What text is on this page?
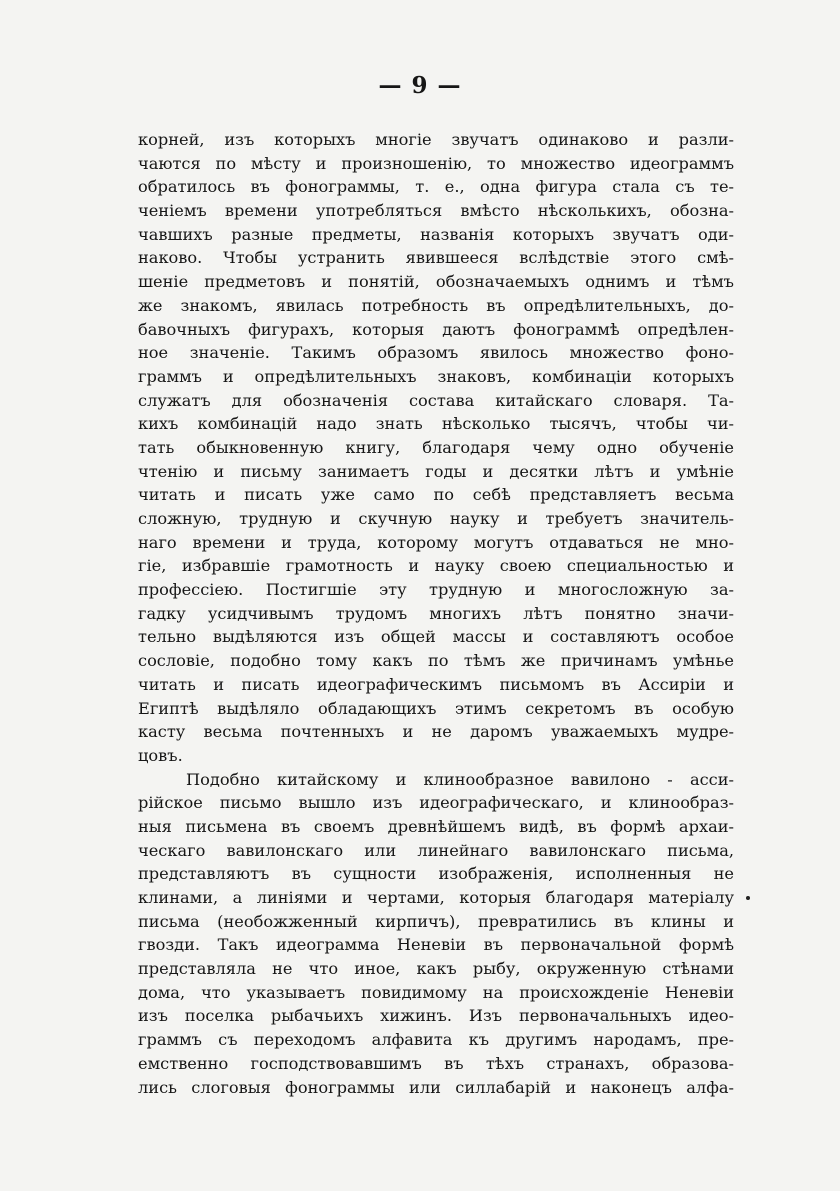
— 9 —
корней, изъ которыхъ многіе звучатъ одинаково и разли-
чаются по мѣсту и произношенію, то множество идеограммъ
обратилось въ фонограммы, т. е., одна фигура стала съ те-
ченіемъ времени употребляться вмѣсто нѣсколькихъ, обозна-
чавшихъ разные предметы, названія которыхъ звучатъ оди-
наково. Чтобы устранить явившееся вслѣдствіе этого смѣ-
шеніе предметовъ и понятій, обозначаемыхъ однимъ и тѣмъ
же знакомъ, явилась потребность въ опредѣлительныхъ, до-
бавочныхъ фигурахъ, которыя даютъ фонограммѣ опредѣлен-
ное значеніе. Такимъ образомъ явилось множество фоно-
граммъ и опредѣлительныхъ знаковъ, комбинаціи которыхъ
служатъ для обозначенія состава китайскаго словаря. Та-
кихъ комбинацій надо знать нѣсколько тысячъ, чтобы чи-
тать обыкновенную книгу, благодаря чему одно обученіе
чтенію и письму занимаетъ годы и десятки лѣтъ и умѣніе
читать и писать уже само по себѣ представляетъ весьма
сложную, трудную и скучную науку и требуетъ значитель-
наго времени и труда, которому могутъ отдаваться не мно-
гіе, избравшіе грамотность и науку своею специальностью и
профессіею. Постигшіе эту трудную и многосложную за-
гадку усидчивымъ трудомъ многихъ лѣтъ понятно значи-
тельно выдѣляются изъ общей массы и составляютъ особое
сословіе, подобно тому какъ по тѣмъ же причинамъ умѣнье
читать и писать идеографическимъ письмомъ въ Ассиріи и
Египтѣ выдѣляло обладающихъ этимъ секретомъ въ особую
касту весьма почтенныхъ и не даромъ уважаемыхъ мудре-
цовъ.
Подобно китайскому и клинообразное вавилоно - асси-
рійское письмо вышло изъ идеографическаго, и клинообраз-
ныя письмена въ своемъ древнѣйшемъ видѣ, въ формѣ архаи-
ческаго вавилонскаго или линейнаго вавилонскаго письма,
представляютъ въ сущности изображенія, исполненныя не
клинами, а линіями и чертами, которыя благодаря матеріалу
письма (необожженный кирпичъ), превратились въ клины и
гвозди. Такъ идеограмма Неневіи въ первоначальной формѣ
представляла не что иное, какъ рыбу, окруженную стѣнами
дома, что указываетъ повидимому на происхожденіе Неневіи
изъ поселка рыбачьихъ хижинъ. Изъ первоначальныхъ идео-
граммъ съ переходомъ алфавита къ другимъ народамъ, пре-
емственно господствовавшимъ въ тѣхъ странахъ, образова-
лись слоговыя фонограммы или силлабарій и наконецъ алфа-
